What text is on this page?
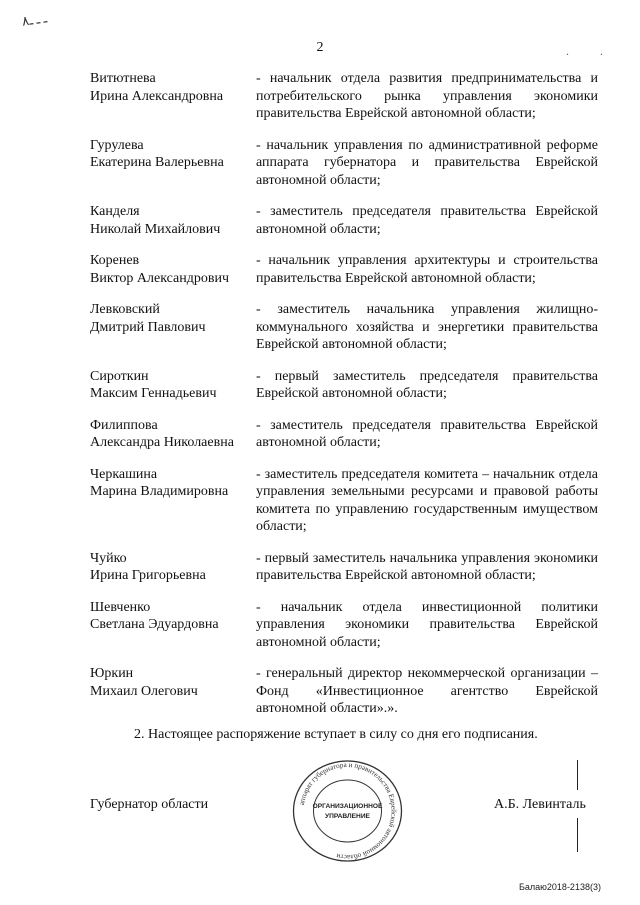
ـ ـ ـ۸
2	. .
Витютнева
Ирина Александровна
- начальник отдела развития предпринимательства и потребительского рынка управления экономики правительства Еврейской автономной области;
Гурулева
Екатерина Валерьевна
- начальник управления по административной реформе аппарата губернатора и правительства Еврейской автономной области;
Канделя
Николай Михайлович
- заместитель председателя правительства Еврейской автономной области;
Коренев
Виктор Александрович
- начальник управления архитектуры и строительства правительства Еврейской автономной области;
Левковский
Дмитрий Павлович
- заместитель начальника управления жилищно-коммунального хозяйства и энергетики правительства Еврейской автономной области;
Сироткин
Максим Геннадьевич
- первый заместитель председателя правительства Еврейской автономной области;
Филиппова
Александра Николаевна
- заместитель председателя правительства Еврейской автономной области;
Черкашина
Марина Владимировна
- заместитель председателя комитета – начальник отдела управления земельными ресурсами и правовой работы комитета по управлению государственным имуществом области;
Чуйко
Ирина Григорьевна
- первый заместитель начальника управления экономики правительства Еврейской автономной области;
Шевченко
Светлана Эдуардовна
- начальник отдела инвестиционной политики управления экономики правительства Еврейской автономной области;
Юркин
Михаил Олегович
- генеральный директор некоммерческой организации – Фонд «Инвестиционное агентство Еврейской автономной области».».
2. Настоящее распоряжение вступает в силу со дня его подписания.
Губернатор области	аппарат губернатора и правительства Еврейской автономной области
ОРГАНИЗАЦИОННОЕ
УПРАВЛЕНИЕ
А.Б. Левинталь
Балаю2018-2138(3)
